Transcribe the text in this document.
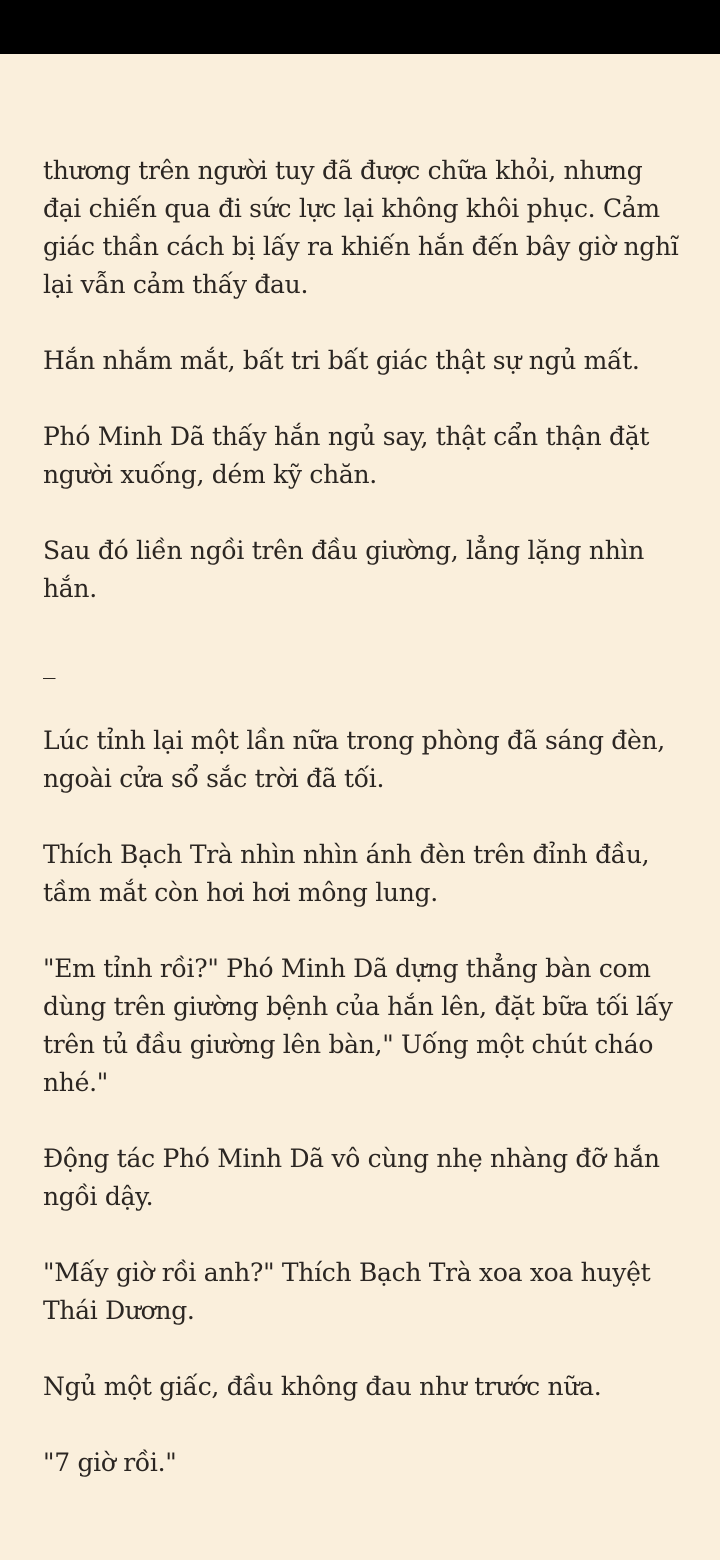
thương trên người tuy đã được chữa khỏi, nhưng đại chiến qua đi sức lực lại không khôi phục. Cảm giác thần cách bị lấy ra khiến hắn đến bây giờ nghĩ lại vẫn cảm thấy đau.

Hắn nhắm mắt, bất tri bất giác thật sự ngủ mất.

Phó Minh Dã thấy hắn ngủ say, thật cẩn thận đặt người xuống, dém kỹ chăn.

Sau đó liền ngồi trên đầu giường, lẳng lặng nhìn hắn.

_

Lúc tỉnh lại một lần nữa trong phòng đã sáng đèn, ngoài cửa sổ sắc trời đã tối.

Thích Bạch Trà nhìn nhìn ánh đèn trên đỉnh đầu, tầm mắt còn hơi hơi mông lung.

"Em tỉnh rồi?" Phó Minh Dã dựng thẳng bàn com dùng trên giường bệnh của hắn lên, đặt bữa tối lấy trên tủ đầu giường lên bàn," Uống một chút cháo nhé."

Động tác Phó Minh Dã vô cùng nhẹ nhàng đỡ hắn ngồi dậy.

"Mấy giờ rồi anh?" Thích Bạch Trà xoa xoa huyệt Thái Dương.

Ngủ một giấc, đầu không đau như trước nữa.

"7 giờ rồi."
